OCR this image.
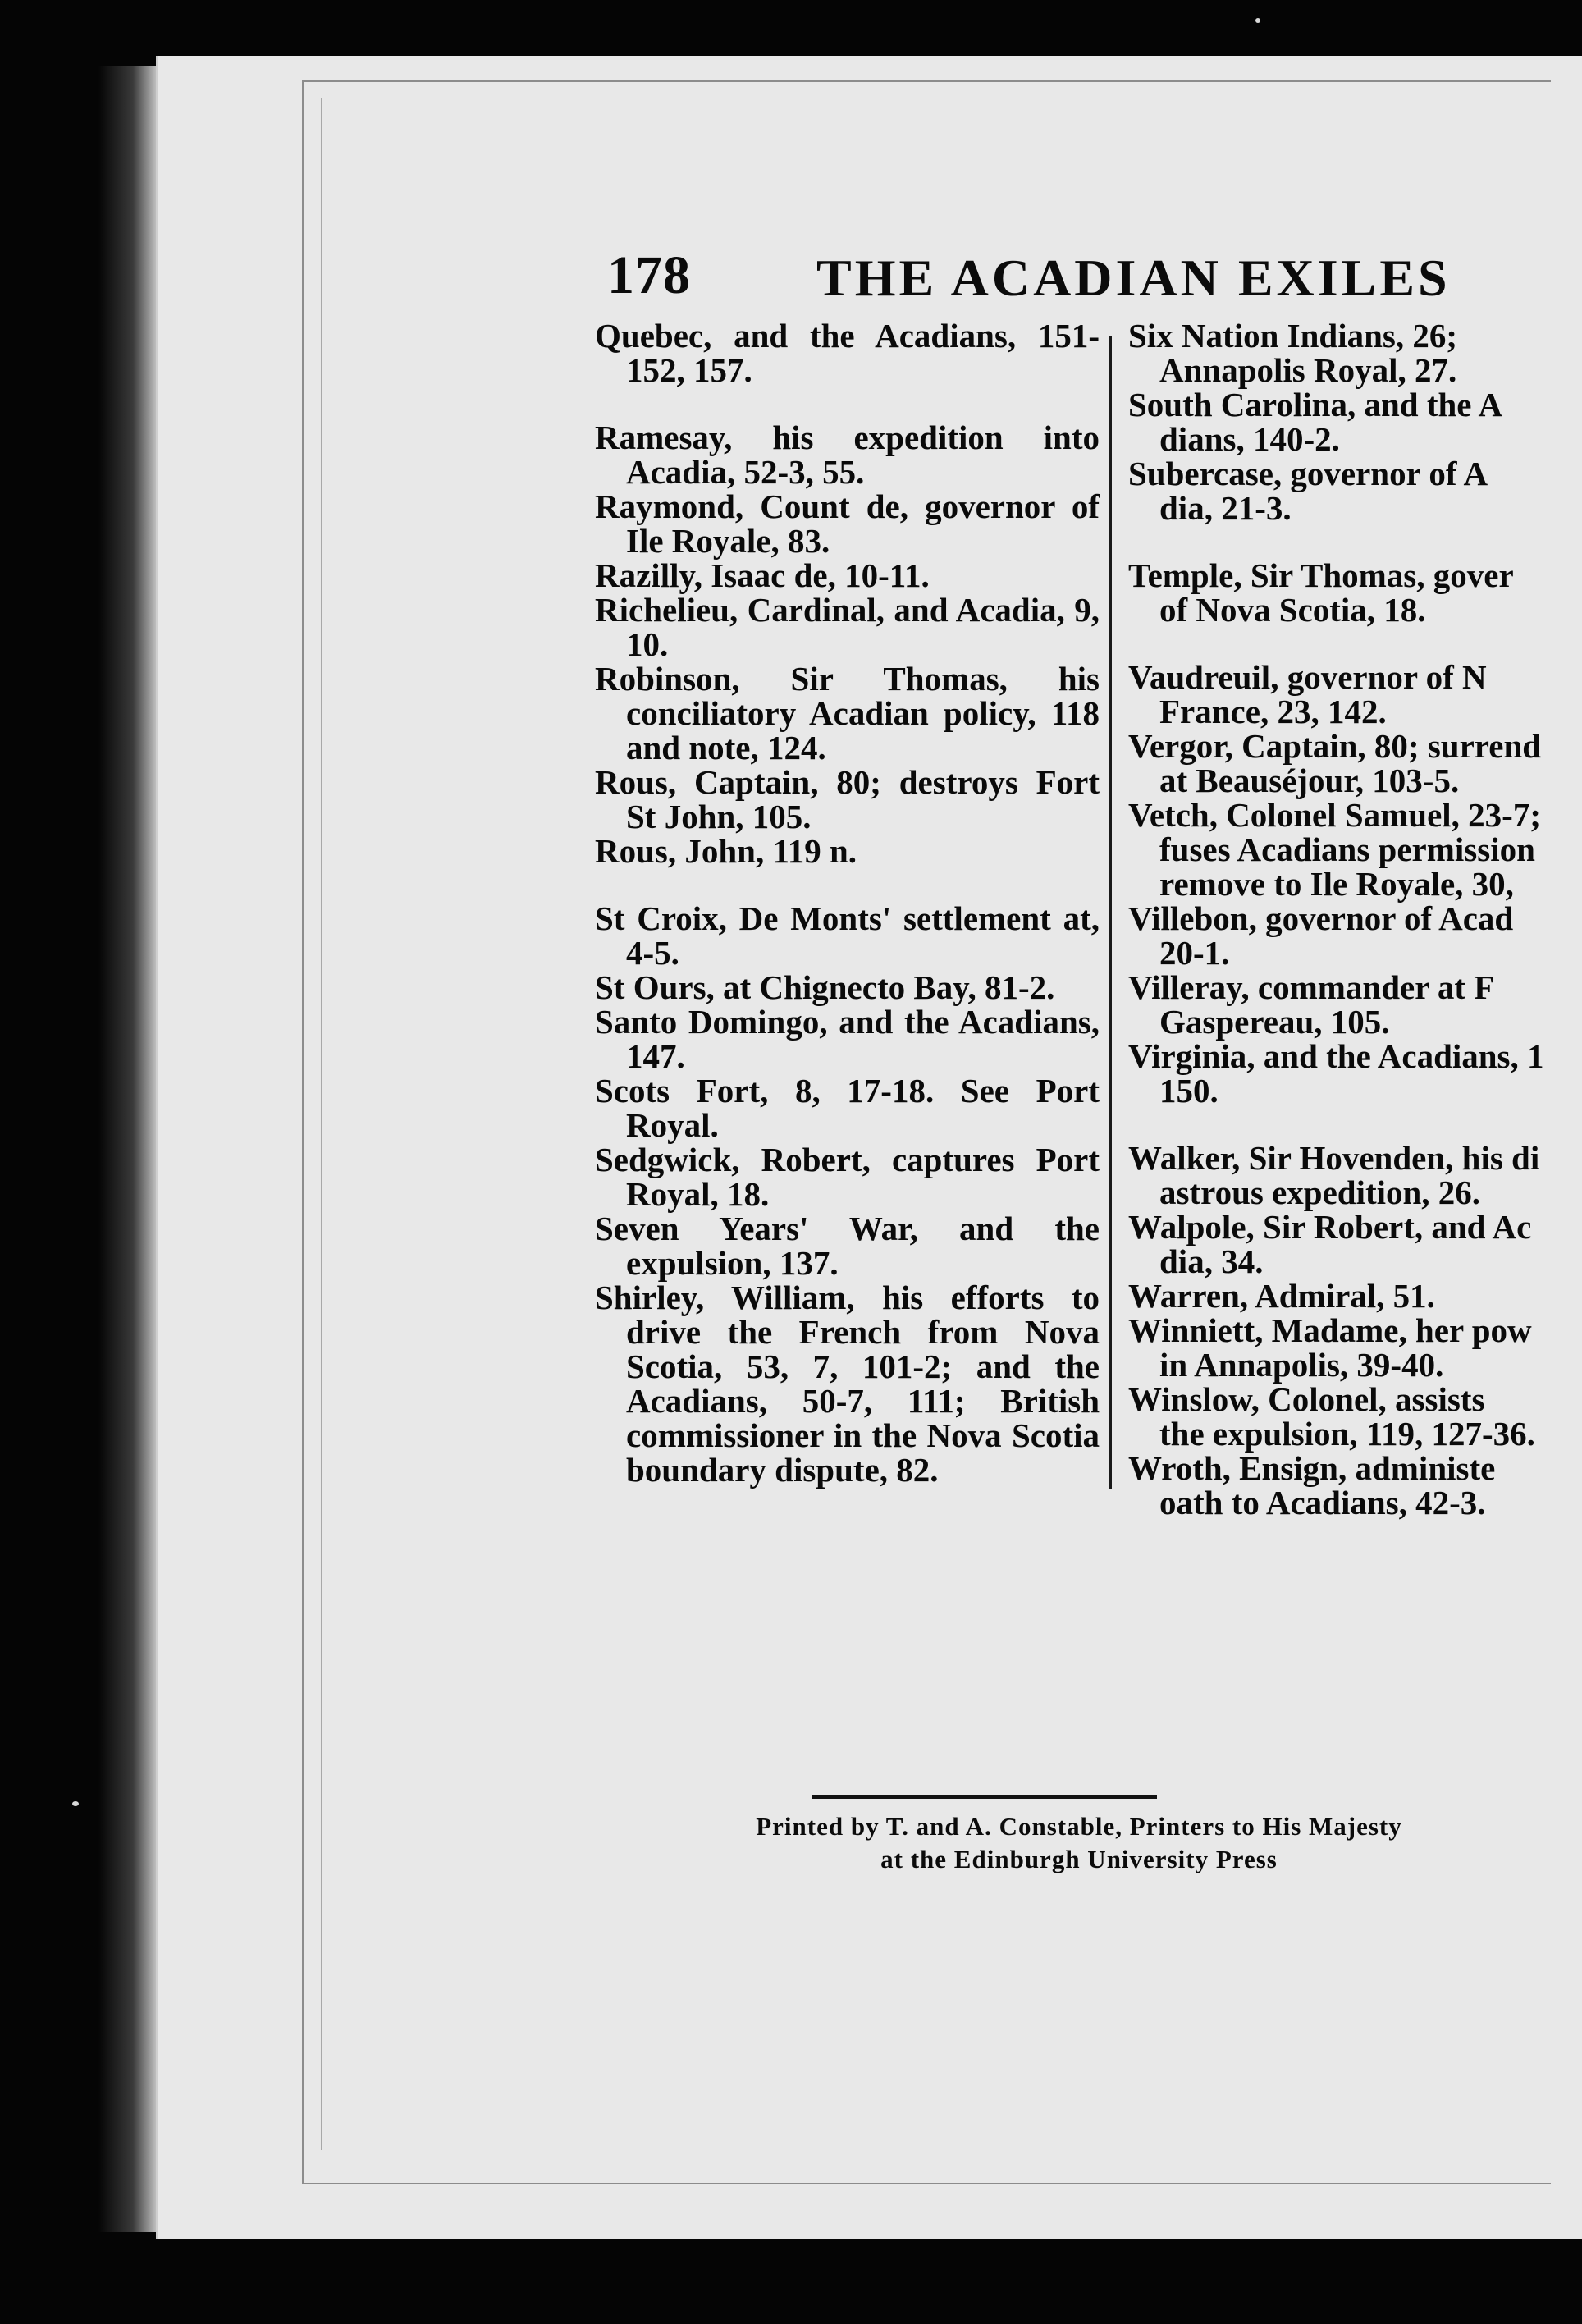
178 THE ACADIAN EXILES

Quebec, and the Acadians, 151-152, 157.

Ramesay, his expedition into Acadia, 52-3, 55.

Raymond, Count de, governor of Ile Royale, 83.

Razilly, Isaac de, 10-11.

Richelieu, Cardinal, and Acadia, 9, 10.

Robinson, Sir Thomas, his conciliatory Acadian policy, 118 and note, 124.

Rous, Captain, 80; destroys Fort St John, 105.

Rous, John, 119 n.

St Croix, De Monts' settlement at, 4-5.

St Ours, at Chignecto Bay, 81-2.

Santo Domingo, and the Acadians, 147.

Scots Fort, 8, 17-18. See Port Royal.

Sedgwick, Robert, captures Port Royal, 18.

Seven Years' War, and the expulsion, 137.

Shirley, William, his efforts to drive the French from Nova Scotia, 53, 7, 101-2; and the Acadians, 50-7, 111; British commissioner in the Nova Scotia boundary dispute, 82.

Six Nation Indians, 26;

Annapolis Royal, 27.

South Carolina, and the A

dians, 140-2.

Subercase, governor of A

dia, 21-3.

Temple, Sir Thomas, gover

of Nova Scotia, 18.

Vaudreuil, governor of N

France, 23, 142.

Vergor, Captain, 80; surrend

at Beauséjour, 103-5.

Vetch, Colonel Samuel, 23-7;

fuses Acadians permission

remove to Ile Royale, 30,

Villebon, governor of Acad

20-1.

Villeray, commander at F

Gaspereau, 105.

Virginia, and the Acadians, 1

150.

Walker, Sir Hovenden, his di

astrous expedition, 26.

Walpole, Sir Robert, and Ac

dia, 34.

Warren, Admiral, 51.

Winniett, Madame, her pow

in Annapolis, 39-40.

Winslow, Colonel, assists

the expulsion, 119, 127-36.

Wroth, Ensign, administe

oath to Acadians, 42-3.

Printed by T. and A. Constable, Printers to His Majesty
at the Edinburgh University Press
